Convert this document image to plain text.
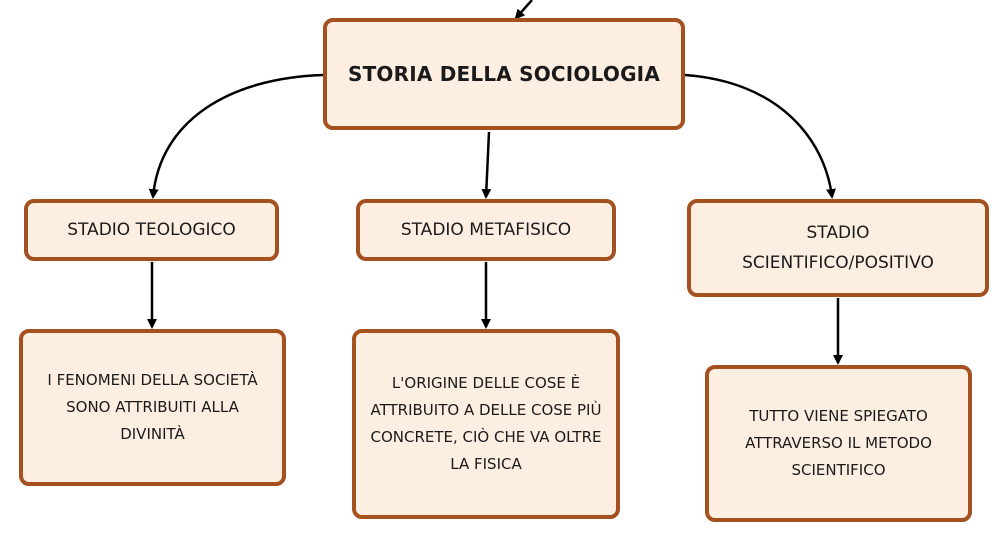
STORIA DELLA SOCIOLOGIA
STADIO TEOLOGICO	STADIO METAFISICO	STADIO SCIENTIFICO/POSITIVO
I FENOMENI DELLA SOCIETÀ SONO ATTRIBUITI ALLA DIVINITÀ
L'ORIGINE DELLE COSE È ATTRIBUITO A DELLE COSE PIÙ CONCRETE, CIÒ CHE VA OLTRE LA FISICA
TUTTO VIENE SPIEGATO ATTRAVERSO IL METODO SCIENTIFICO
